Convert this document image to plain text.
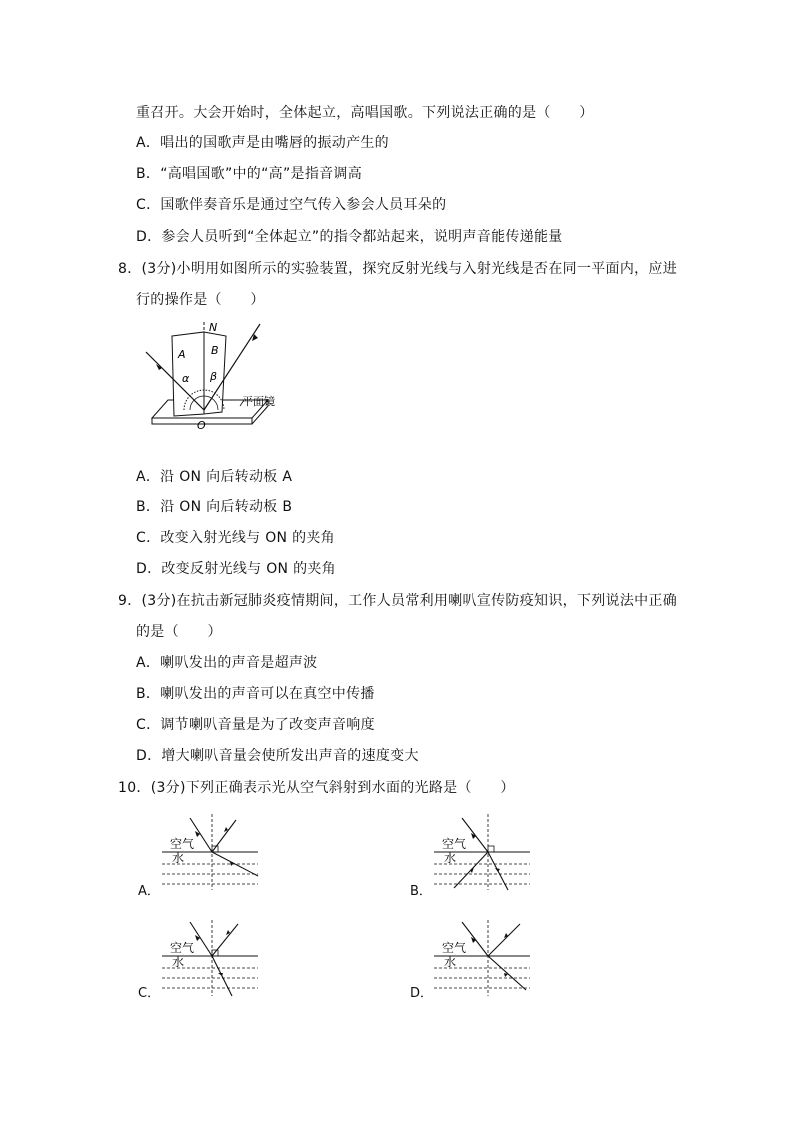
重召开。大会开始时，全体起立，高唱国歌。下列说法正确的是（　　）
A．唱出的国歌声是由嘴唇的振动产生的
B．“高唱国歌”中的“高”是指音调高
C．国歌伴奏音乐是通过空气传入参会人员耳朵的
D．参会人员听到“全体起立”的指令都站起来，说明声音能传递能量
8．(3分)小明用如图所示的实验装置，探究反射光线与入射光线是否在同一平面内，应进
行的操作是（　　）
N
A B
α β
O
平面镜
A．沿 ON 向后转动板 A
B．沿 ON 向后转动板 B
C．改变入射光线与 ON 的夹角
D．改变反射光线与 ON 的夹角
9．(3分)在抗击新冠肺炎疫情期间，工作人员常利用喇叭宣传防疫知识，下列说法中正确
的是（　　）
A．喇叭发出的声音是超声波
B．喇叭发出的声音可以在真空中传播
C．调节喇叭音量是为了改变声音响度
D．增大喇叭音量会使所发出声音的速度变大
10．(3分)下列正确表示光从空气斜射到水面的光路是（　　）
空气
水
A．
空气
水
B．
空气
水
C．
空气
水
D．
